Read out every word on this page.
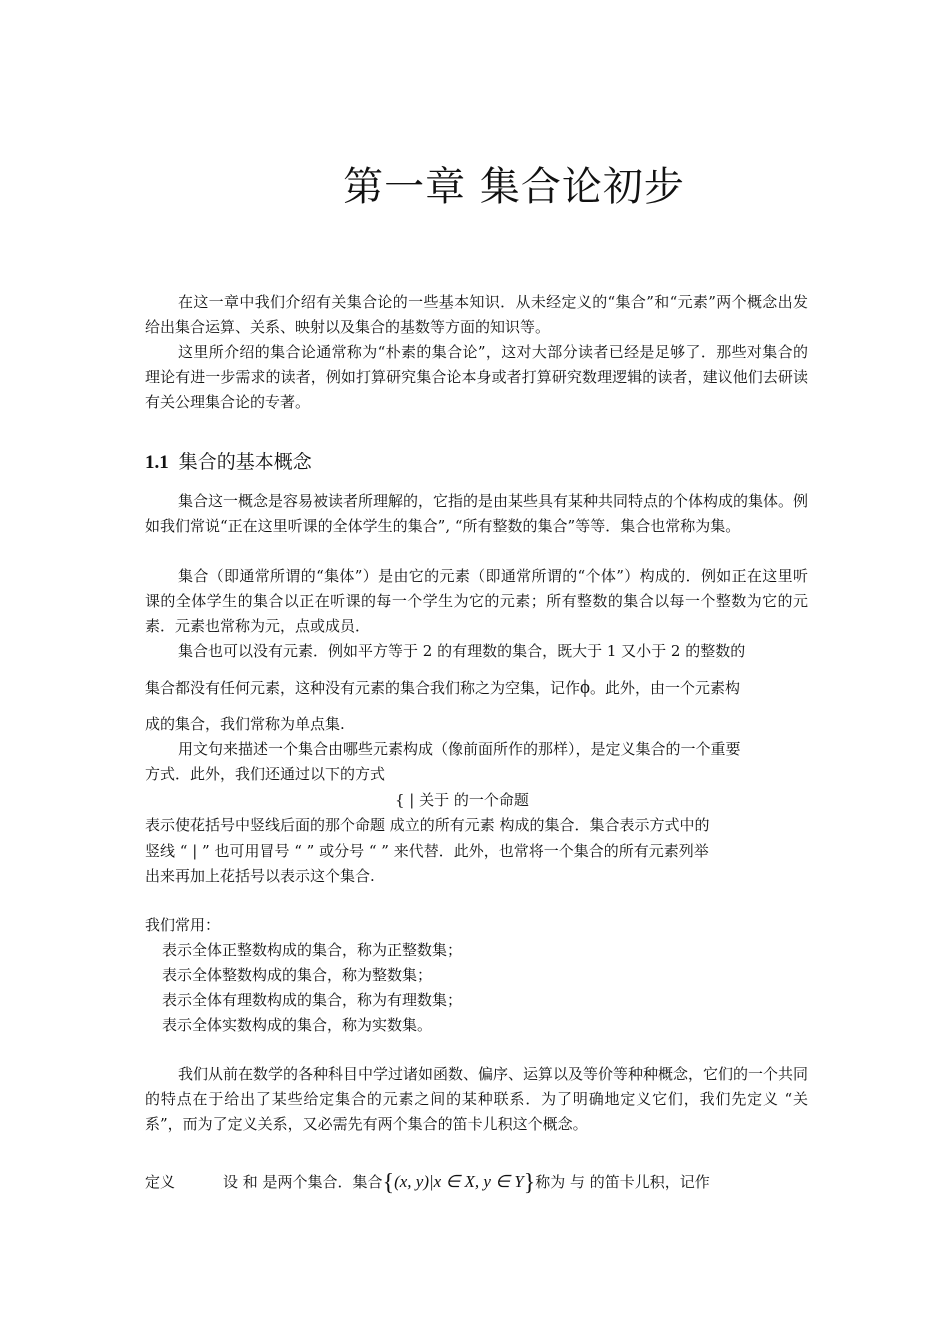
第一章 集合论初步
在这一章中我们介绍有关集合论的一些基本知识．从未经定义的“集合”和“元素”两个概念出发给出集合运算、关系、映射以及集合的基数等方面的知识等。
这里所介绍的集合论通常称为“朴素的集合论”，这对大部分读者已经是足够了．那些对集合的理论有进一步需求的读者，例如打算研究集合论本身或者打算研究数理逻辑的读者，建议他们去研读有关公理集合论的专著。
1.1 集合的基本概念
集合这一概念是容易被读者所理解的，它指的是由某些具有某种共同特点的个体构成的集体。例如我们常说“正在这里听课的全体学生的集合”, “所有整数的集合”等等．集合也常称为集。
集合（即通常所谓的“集体”）是由它的元素（即通常所谓的“个体”）构成的．例如正在这里听课的全体学生的集合以正在听课的每一个学生为它的元素；所有整数的集合以每一个整数为它的元素．元素也常称为元，点或成员．
集合也可以没有元素．例如平方等于 2 的有理数的集合，既大于 1 又小于 2 的整数的
集合都没有任何元素，这种没有元素的集合我们称之为空集，记作ϕ。此外，由一个元素构
成的集合，我们常称为单点集.
用文句来描述一个集合由哪些元素构成（像前面所作的那样），是定义集合的一个重要
方式．此外，我们还通过以下的方式
{ | 关于 的一个命题
表示使花括号中竖线后面的那个命题 成立的所有元素 构成的集合．集合表示方式中的
竖线 “ | ” 也可用冒号 “ ” 或分号 “ ” 来代替．此外，也常将一个集合的所有元素列举
出来再加上花括号以表示这个集合.
我们常用：
表示全体正整数构成的集合，称为正整数集；
表示全体整数构成的集合，称为整数集；
表示全体有理数构成的集合，称为有理数集；
表示全体实数构成的集合，称为实数集。
我们从前在数学的各种科目中学过诸如函数、偏序、运算以及等价等种种概念，它们的一个共同的特点在于给出了某些给定集合的元素之间的某种联系．为了明确地定义它们，我们先定义 “关系”，而为了定义关系，又必需先有两个集合的笛卡儿积这个概念。
定义	设 和 是两个集合．集合{(x, y)|x ∈ X, y ∈ Y}称为 与 的笛卡儿积，记作
